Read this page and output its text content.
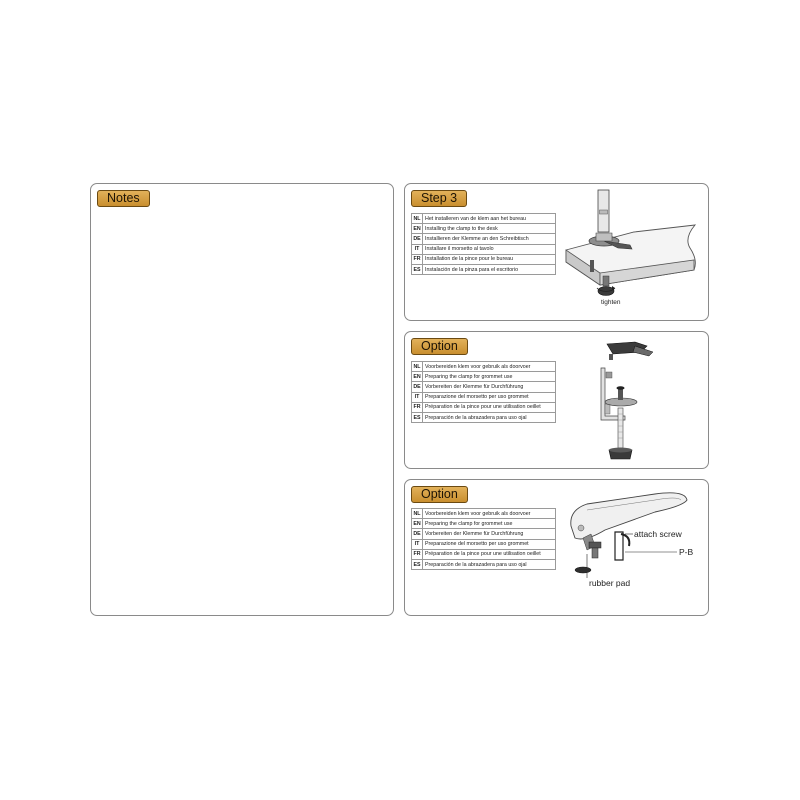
Notes	Step 3
NL	Het installeren van de klem aan het bureau
EN	Installing the clamp to the desk
DE	Installieren der Klemme an den Schreibtisch
IT	Installare il morsetto al tavolo
FR	Installation de la pince pour le bureau
ES	Instalación de la pinza para el escritorio
tighten
Option
NL	Voorbereiden klem voor gebruik als doorvoer
EN	Preparing the clamp for grommet use
DE	Vorbereiten der Klemme für Durchführung
IT	Preparazione del morsetto per uso grommet
FR	Préparation de la pince pour une utilisation oeillet
ES	Preparación de la abrazadera para uso ojal
Option
NL	Voorbereiden klem voor gebruik als doorvoer
EN	Preparing the clamp for grommet use
DE	Vorbereiten der Klemme für Durchführung
IT	Preparazione del morsetto per uso grommet
FR	Préparation de la pince pour une utilisation oeillet
ES	Preparación de la abrazadera para uso ojal
attach screw
P-B
rubber pad
